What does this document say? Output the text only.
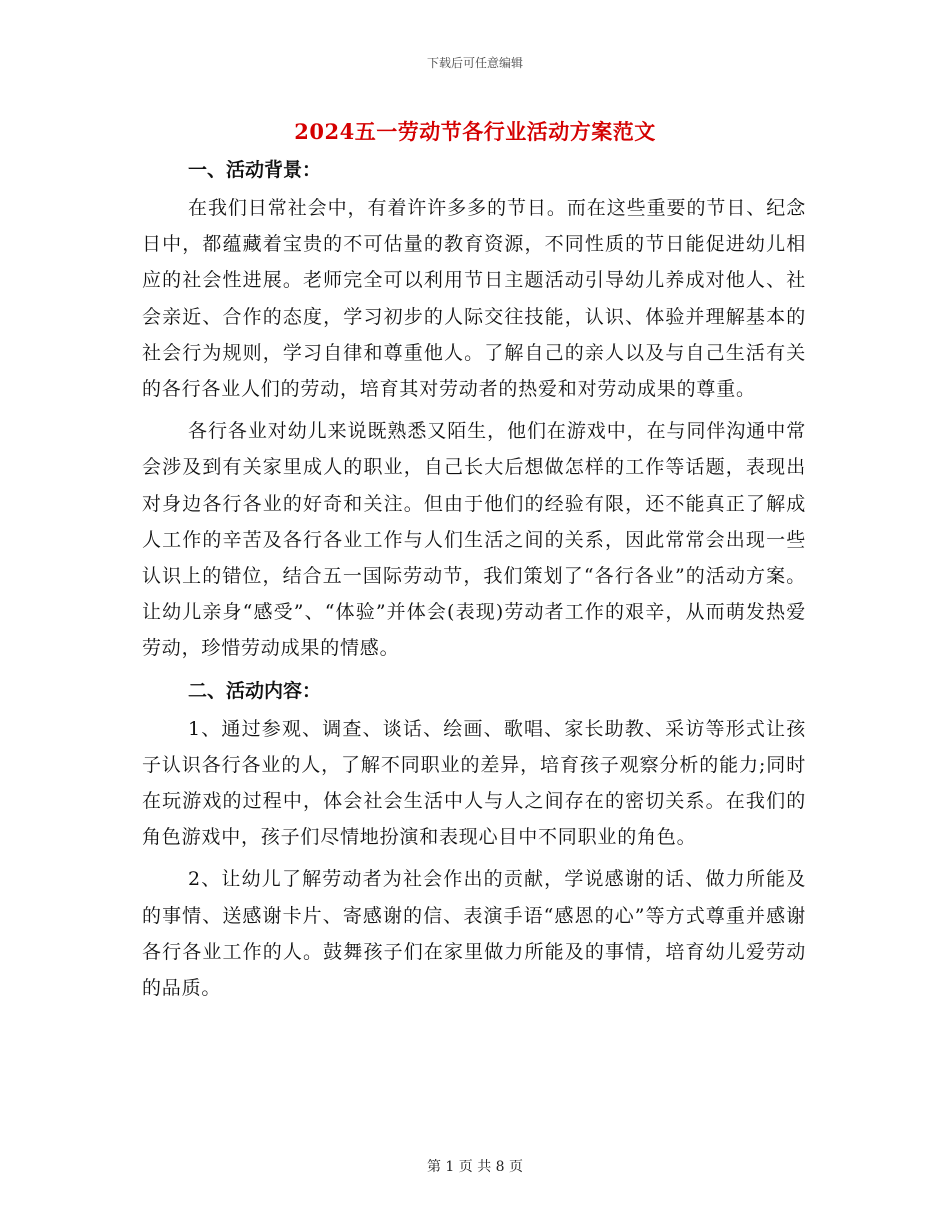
下载后可任意编辑
2024五一劳动节各行业活动方案范文
一、活动背景：

在我们日常社会中，有着许许多多的节日。而在这些重要的节日、纪念日中，都蕴藏着宝贵的不可估量的教育资源，不同性质的节日能促进幼儿相应的社会性进展。老师完全可以利用节日主题活动引导幼儿养成对他人、社会亲近、合作的态度，学习初步的人际交往技能，认识、体验并理解基本的社会行为规则，学习自律和尊重他人。了解自己的亲人以及与自己生活有关的各行各业人们的劳动，培育其对劳动者的热爱和对劳动成果的尊重。

各行各业对幼儿来说既熟悉又陌生，他们在游戏中，在与同伴沟通中常会涉及到有关家里成人的职业，自己长大后想做怎样的工作等话题，表现出对身边各行各业的好奇和关注。但由于他们的经验有限，还不能真正了解成人工作的辛苦及各行各业工作与人们生活之间的关系，因此常常会出现一些认识上的错位，结合五一国际劳动节，我们策划了“各行各业”的活动方案。让幼儿亲身“感受”、“体验”并体会(表现)劳动者工作的艰辛，从而萌发热爱劳动，珍惜劳动成果的情感。

二、活动内容：

1、通过参观、调查、谈话、绘画、歌唱、家长助教、采访等形式让孩子认识各行各业的人，了解不同职业的差异，培育孩子观察分析的能力;同时在玩游戏的过程中，体会社会生活中人与人之间存在的密切关系。在我们的角色游戏中，孩子们尽情地扮演和表现心目中不同职业的角色。

2、让幼儿了解劳动者为社会作出的贡献，学说感谢的话、做力所能及的事情、送感谢卡片、寄感谢的信、表演手语“感恩的心”等方式尊重并感谢各行各业工作的人。鼓舞孩子们在家里做力所能及的事情，培育幼儿爱劳动的品质。

第 1 页 共 8 页
